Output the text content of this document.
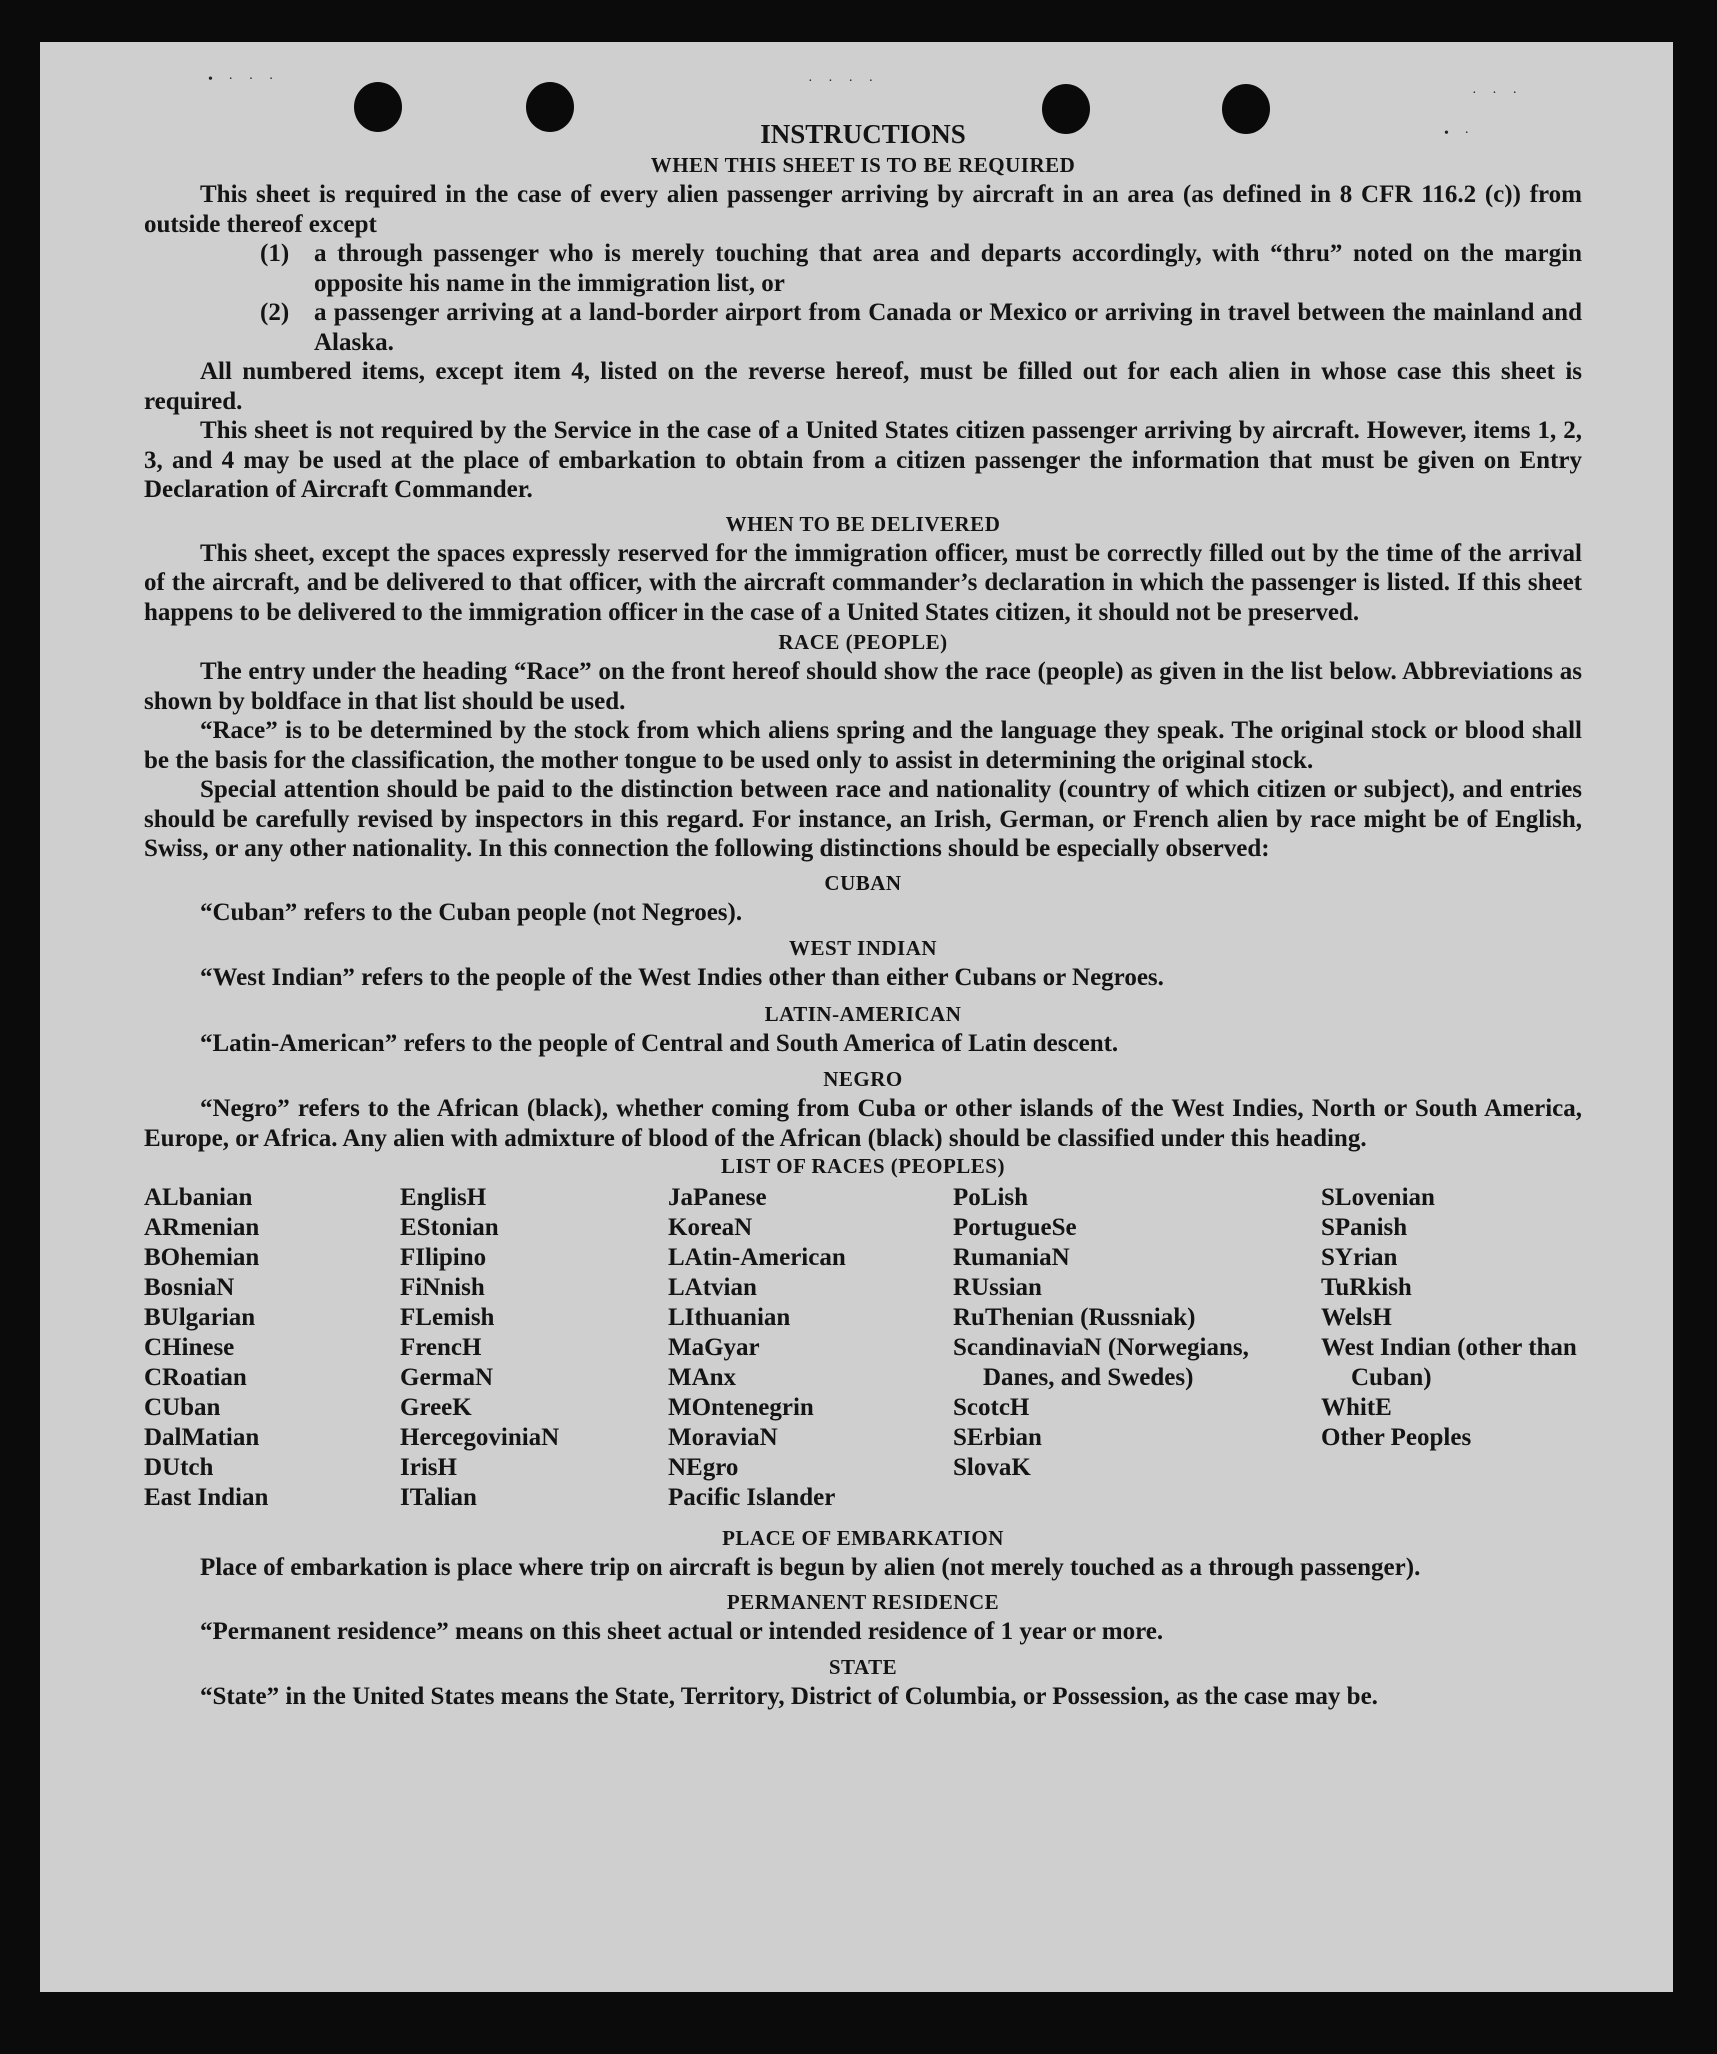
• · · ·	· · · ·
· · ·
• ·
INSTRUCTIONS
WHEN THIS SHEET IS TO BE REQUIRED

This sheet is required in the case of every alien passenger arriving by aircraft in an area (as defined in 8 CFR 116.2 (c)) from outside thereof except

(1) a through passenger who is merely touching that area and departs accordingly, with “thru” noted on the margin opposite his name in the immigration list, or
(2) a passenger arriving at a land-border airport from Canada or Mexico or arriving in travel between the mainland and Alaska.

All numbered items, except item 4, listed on the reverse hereof, must be filled out for each alien in whose case this sheet is required.

This sheet is not required by the Service in the case of a United States citizen passenger arriving by aircraft. However, items 1, 2, 3, and 4 may be used at the place of embarkation to obtain from a citizen passenger the information that must be given on Entry Declaration of Aircraft Commander.

WHEN TO BE DELIVERED

This sheet, except the spaces expressly reserved for the immigration officer, must be correctly filled out by the time of the arrival of the aircraft, and be delivered to that officer, with the aircraft commander’s declaration in which the passenger is listed. If this sheet happens to be delivered to the immigration officer in the case of a United States citizen, it should not be preserved.

RACE (PEOPLE)

The entry under the heading “Race” on the front hereof should show the race (people) as given in the list below. Abbreviations as shown by boldface in that list should be used.

“Race” is to be determined by the stock from which aliens spring and the language they speak. The original stock or blood shall be the basis for the classification, the mother tongue to be used only to assist in determining the original stock.

Special attention should be paid to the distinction between race and nationality (country of which citizen or subject), and entries should be carefully revised by inspectors in this regard. For instance, an Irish, German, or French alien by race might be of English, Swiss, or any other nationality. In this connection the following distinctions should be especially observed:

CUBAN

“Cuban” refers to the Cuban people (not Negroes).

WEST INDIAN

“West Indian” refers to the people of the West Indies other than either Cubans or Negroes.

LATIN-AMERICAN

“Latin-American” refers to the people of Central and South America of Latin descent.

NEGRO

“Negro” refers to the African (black), whether coming from Cuba or other islands of the West Indies, North or South America, Europe, or Africa. Any alien with admixture of blood of the African (black) should be classified under this heading.

LIST OF RACES (PEOPLES)
ALbanian
ARmenian
BOhemian
BosniaN
BUlgarian
CHinese
CRoatian
CUban
DalMatian
DUtch
East Indian
EnglisH
EStonian
FIlipino
FiNnish
FLemish
FrencH
GermaN
GreeK
HercegoviniaN
IrisH
ITalian
JaPanese
KoreaN
LAtin-American
LAtvian
LIthuanian
MaGyar
MAnx
MOntenegrin
MoraviaN
NEgro
Pacific Islander
PoLish
PortugueSe
RumaniaN
RUssian
RuThenian (Russniak)
ScandinaviaN (Norwegians, Danes, and Swedes)
ScotcH
SErbian
SlovaK
SLovenian
SPanish
SYrian
TuRkish
WelsH
West Indian (other than Cuban)
WhitE
Other Peoples
PLACE OF EMBARKATION

Place of embarkation is place where trip on aircraft is begun by alien (not merely touched as a through passenger).

PERMANENT RESIDENCE

“Permanent residence” means on this sheet actual or intended residence of 1 year or more.

STATE

“State” in the United States means the State, Territory, District of Columbia, or Possession, as the case may be.
